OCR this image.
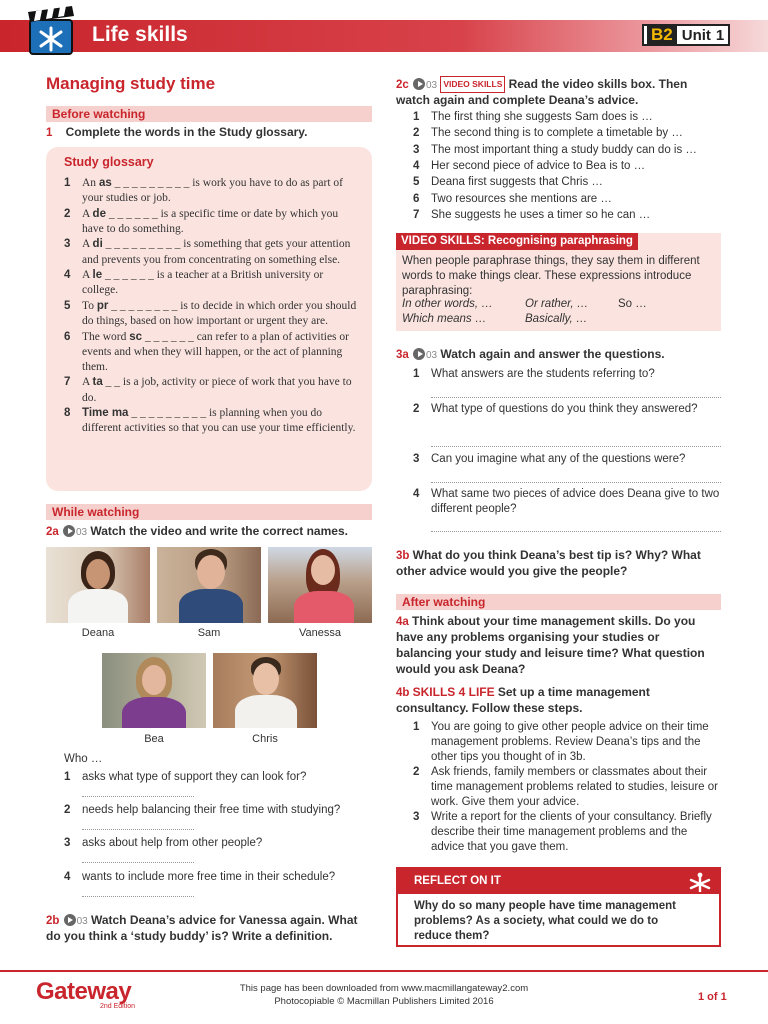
Life skills	B2 Unit 1
Managing study time
Before watching
1 Complete the words in the Study glossary.
Study glossary
1	An as _ _ _ _ _ _ _ _ _ is work you have to do as part of your studies or job.
2	A de _ _ _ _ _ _ is a specific time or date by which you have to do something.
3	A di _ _ _ _ _ _ _ _ _ is something that gets your attention and prevents you from concentrating on something else.
4	A le _ _ _ _ _ _ is a teacher at a British university or college.
5	To pr _ _ _ _ _ _ _ _ is to decide in which order you should do things, based on how important or urgent they are.
6	The word sc _ _ _ _ _ _ can refer to a plan of activities or events and when they will happen, or the act of planning them.
7	A ta _ _ is a job, activity or piece of work that you have to do.
8	Time ma _ _ _ _ _ _ _ _ _ is planning when you do different activities so that you can use your time efficiently.
While watching
2a 03 Watch the video and write the correct names.
Deana	Sam	Vanessa
Bea	Chris
Who …
1	asks what type of support they can look for?
2	needs help balancing their free time with studying?
3	asks about help from other people?
4	wants to include more free time in their schedule?
2b 03 Watch Deana’s advice for Vanessa again. What do you think a ‘study buddy’ is? Write a definition.
2c 03 VIDEO SKILLS Read the video skills box. Then watch again and complete Deana’s advice.
1	The first thing she suggests Sam does is …
2	The second thing is to complete a timetable by …
3	The most important thing a study buddy can do is …
4	Her second piece of advice to Bea is to …
5	Deana first suggests that Chris …
6	Two resources she mentions are …
7	She suggests he uses a timer so he can …
VIDEO SKILLS: Recognising paraphrasing
When people paraphrase things, they say them in different words to make things clear. These expressions introduce paraphrasing:
In other words, …	Or rather, …	So …
Which means …	Basically, …
3a 03 Watch again and answer the questions.
1	What answers are the students referring to?
2	What type of questions do you think they answered?
3	Can you imagine what any of the questions were?
4	What same two pieces of advice does Deana give to two different people?
3b What do you think Deana’s best tip is? Why? What other advice would you give the people?
After watching
4a Think about your time management skills. Do you have any problems organising your studies or balancing your study and leisure time? What question would you ask Deana?
4b SKILLS 4 LIFE Set up a time management consultancy. Follow these steps.
1	You are going to give other people advice on their time management problems. Review Deana’s tips and the other tips you thought of in 3b.
2	Ask friends, family members or classmates about their time management problems related to studies, leisure or work. Give them your advice.
3	Write a report for the clients of your consultancy. Briefly describe their time management problems and the advice that you gave them.
REFLECT ON IT
Why do so many people have time management problems? As a society, what could we do to reduce them?
Gateway
2nd Edition
This page has been downloaded from www.macmillangateway2.com
Photocopiable © Macmillan Publishers Limited 2016	1 of 1
